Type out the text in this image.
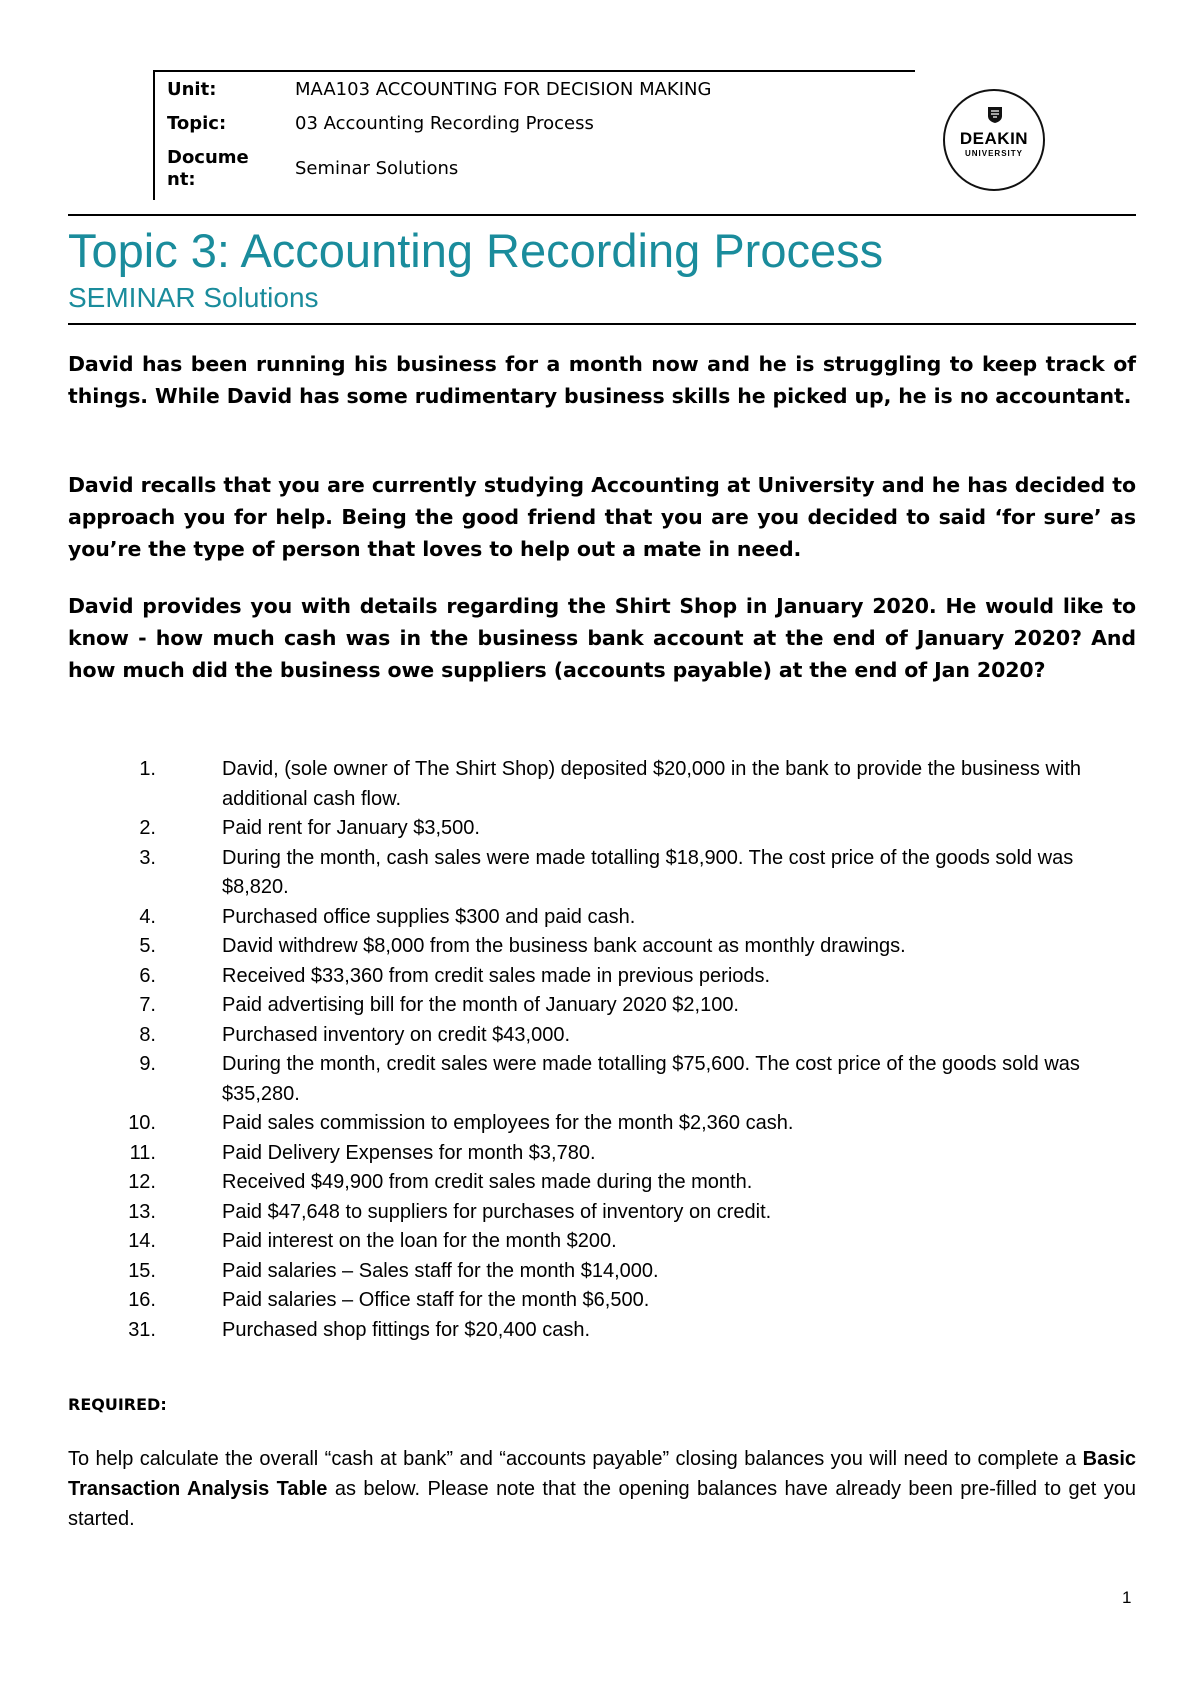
Unit:	MAA103 ACCOUNTING FOR DECISION MAKING
Topic:	03 Accounting Recording Process
Docume
nt:
Seminar Solutions
DEAKIN
UNIVERSITY
Topic 3: Accounting Recording Process
SEMINAR Solutions
David has been running his business for a month now and he is struggling to keep track of things. While David has some rudimentary business skills he picked up, he is no accountant.
David recalls that you are currently studying Accounting at University and he has decided to approach you for help. Being the good friend that you are you decided to said ‘for sure’ as you’re the type of person that loves to help out a mate in need.
David provides you with details regarding the Shirt Shop in January 2020. He would like to know - how much cash was in the business bank account at the end of January 2020? And how much did the business owe suppliers (accounts payable) at the end of Jan 2020?
1.	David, (sole owner of The Shirt Shop) deposited $20,000 in the bank to provide the business with additional cash flow.
2.	Paid rent for January $3,500.
3.	During the month, cash sales were made totalling $18,900. The cost price of the goods sold was $8,820.
4.	Purchased office supplies $300 and paid cash.
5.	David withdrew $8,000 from the business bank account as monthly drawings.
6.	Received $33,360 from credit sales made in previous periods.
7.	Paid advertising bill for the month of January 2020 $2,100.
8.	Purchased inventory on credit $43,000.
9.	During the month, credit sales were made totalling $75,600. The cost price of the goods sold was $35,280.
10.	Paid sales commission to employees for the month $2,360 cash.
11.	Paid Delivery Expenses for month $3,780.
12.	Received $49,900 from credit sales made during the month.
13.	Paid $47,648 to suppliers for purchases of inventory on credit.
14.	Paid interest on the loan for the month $200.
15.	Paid salaries – Sales staff for the month $14,000.
16.	Paid salaries – Office staff for the month $6,500.
31.	Purchased shop fittings for $20,400 cash.
REQUIRED:
To help calculate the overall “cash at bank” and “accounts payable” closing balances you will need to complete a Basic Transaction Analysis Table as below. Please note that the opening balances have already been pre-filled to get you started.
1
